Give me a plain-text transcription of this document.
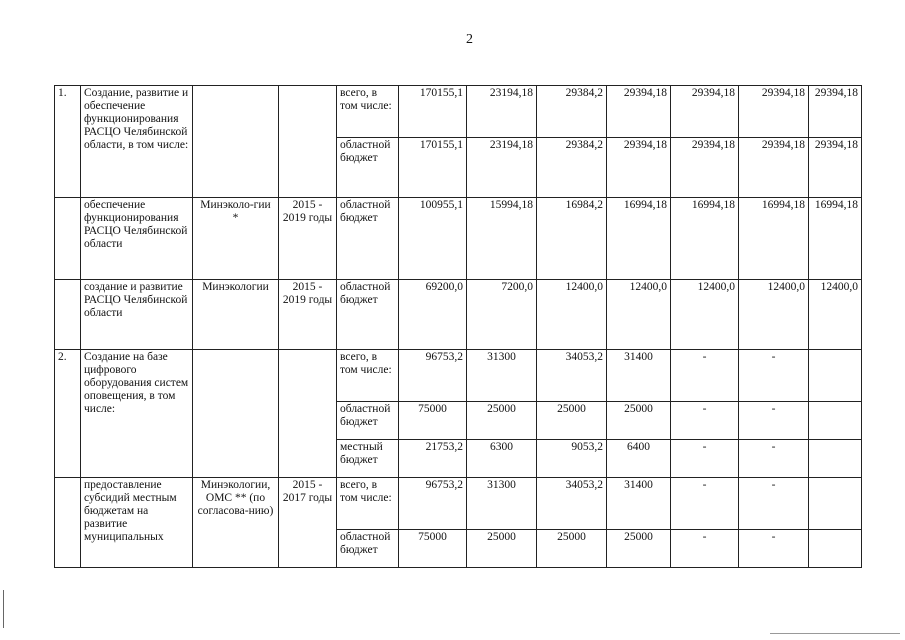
2
1.	Создание, развитие и обеспечение функционирования РАСЦО Челябинской области, в том числе:			всего, в том числе:	170155,1	23194,18	29384,2	29394,18	29394,18	29394,18	29394,18
				областной бюджет	170155,1	23194,18	29384,2	29394,18	29394,18	29394,18	29394,18
	обеспечение функционирования РАСЦО Челябинской области	Минэколо-гии *	2015 - 2019 годы	областной бюджет	100955,1	15994,18	16984,2	16994,18	16994,18	16994,18	16994,18
	создание и развитие РАСЦО Челябинской области	Минэкологии	2015 - 2019 годы	областной бюджет	69200,0	7200,0	12400,0	12400,0	12400,0	12400,0	12400,0
2.	Создание на базе цифрового оборудования систем оповещения, в том числе:			всего, в том числе:	96753,2	31300	34053,2	31400	-	-	
				областной бюджет	75000	25000	25000	25000	-	-	
				местный бюджет	21753,2	6300	9053,2	6400	-	-	
	предоставление субсидий местным бюджетам на развитие муниципальных	Минэкологии, ОМС ** (по согласова-нию)	2015 - 2017 годы	всего, в том числе:	96753,2	31300	34053,2	31400	-	-	
				областной бюджет	75000	25000	25000	25000	-	-	
